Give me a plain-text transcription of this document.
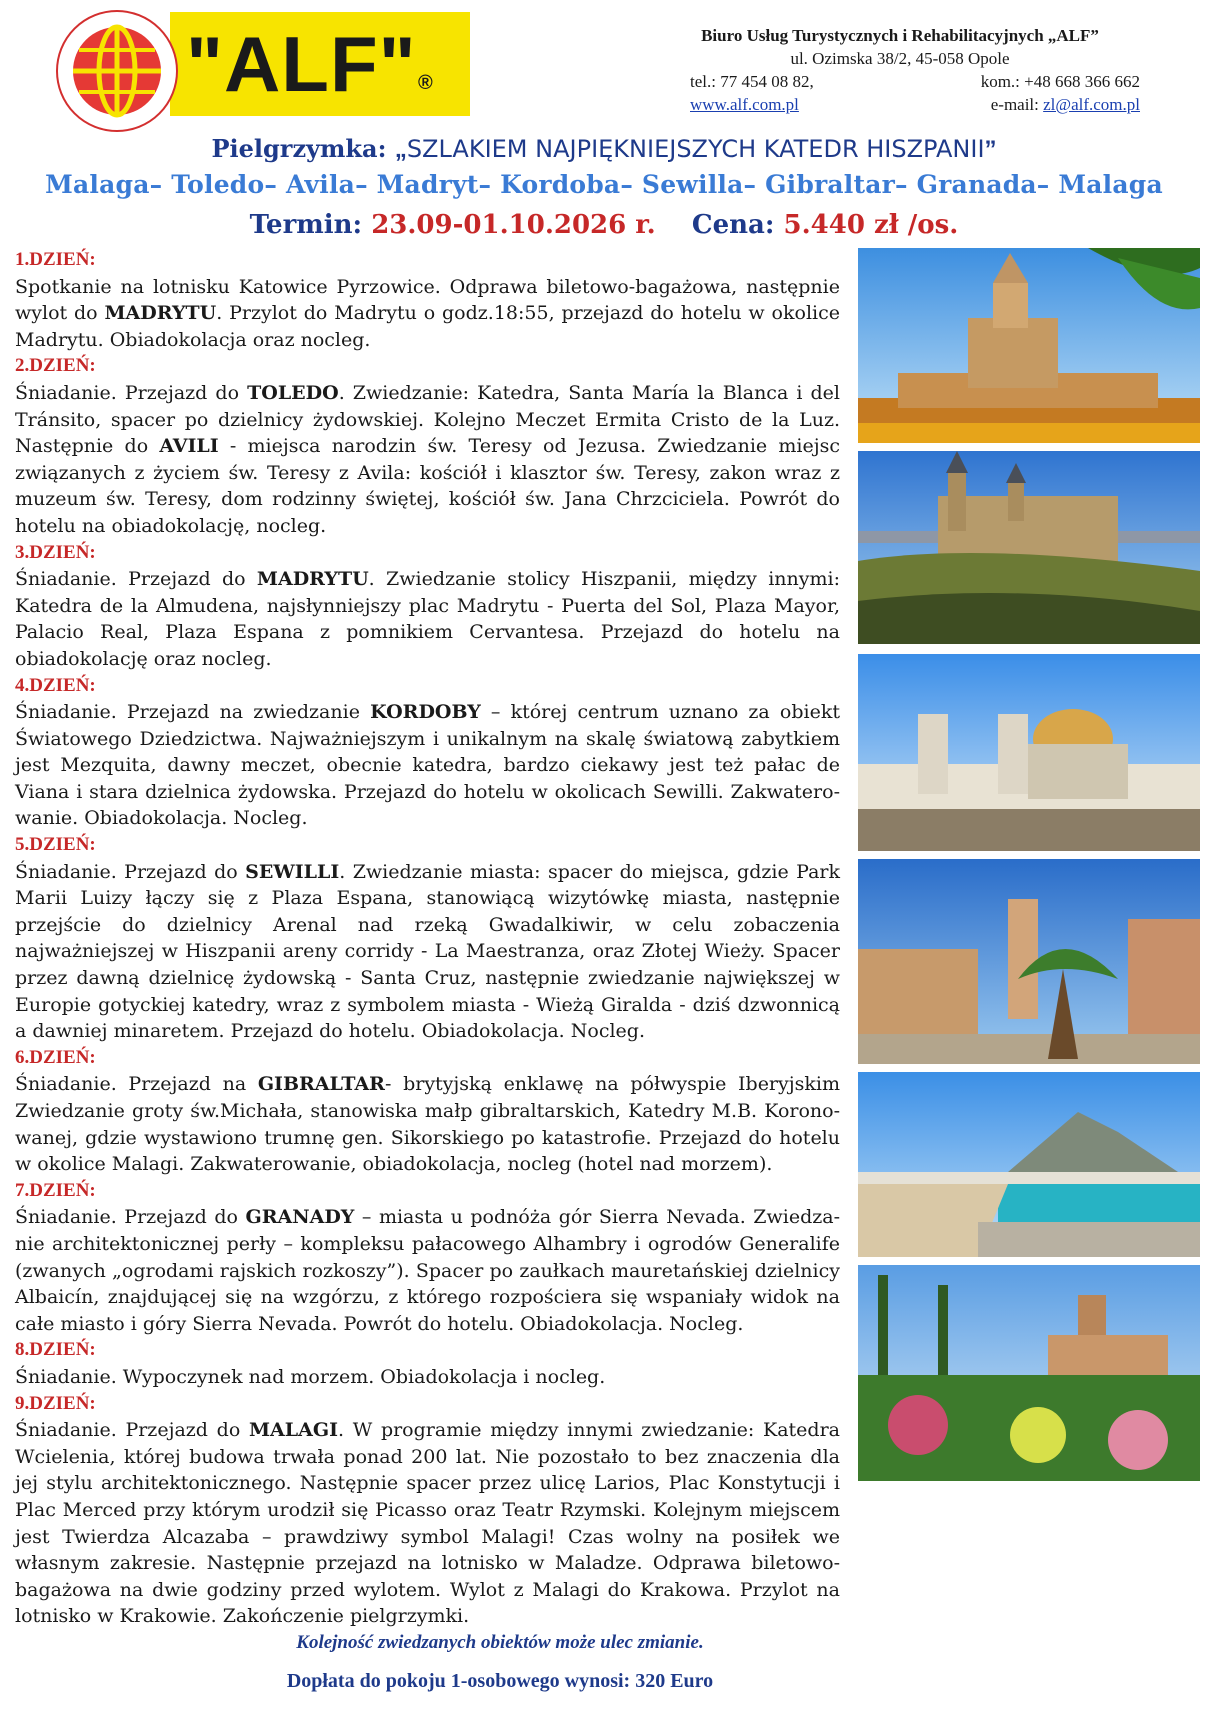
"ALF" ®
Biuro Usług Turystycznych i Rehabilitacyjnych „ALF”
ul. Ozimska 38/2, 45-058 Opole
tel.: 77 454 08 82,	kom.: +48 668 366 662
www.alf.com.pl	e-mail: zl@alf.com.pl
Pielgrzymka: „SZLAKIEM NAJPIĘKNIEJSZYCH KATEDR HISZPANII”
Malaga– Toledo– Avila– Madryt– Kordoba– Sewilla– Gibraltar– Granada– Malaga
Termin: 23.09-01.10.2026 r. Cena: 5.440 zł /os.
1.DZIEŃ:

Spotkanie na lotnisku Katowice Pyrzowice. Odprawa biletowo-bagażowa, następnie wylot do MADRYTU. Przylot do Madrytu o godz.18:55, przejazd do hotelu w okolice Madrytu. Obiadokolacja oraz nocleg.

2.DZIEŃ:

Śniadanie. Przejazd do TOLEDO. Zwiedzanie: Katedra, Santa María la Blanca i del Tránsito, spacer po dzielnicy żydowskiej. Kolejno Meczet Ermita Cristo de la Luz. Następnie do AVILI - miejsca narodzin św. Teresy od Jezusa. Zwiedzanie miejsc związanych z życiem św. Teresy z Avila: kościół i klasztor św. Teresy, zakon wraz z muzeum św. Teresy, dom rodzinny świętej, kościół św. Jana Chrzciciela. Powrót do hotelu na obiadokolację, nocleg.

3.DZIEŃ:

Śniadanie. Przejazd do MADRYTU. Zwiedzanie stolicy Hiszpanii, między innymi: Katedra de la Almudena, najsłynniejszy plac Madrytu - Puerta del Sol, Plaza Mayor, Palacio Real, Plaza Espana z pomnikiem Cervantesa. Przejazd do hotelu na obiadokolację oraz nocleg.

4.DZIEŃ:

Śniadanie. Przejazd na zwiedzanie KORDOBY – której centrum uznano za obiekt Światowego Dziedzictwa. Najważniejszym i unikalnym na skalę światową zabytkiem jest Mezquita, dawny meczet, obecnie katedra, bardzo ciekawy jest też pałac de Viana i stara dzielnica żydowska. Przejazd do hotelu w okolicach Sewilli. Zakwatero-wanie. Obiadokolacja. Nocleg.

5.DZIEŃ:

Śniadanie. Przejazd do SEWILLI. Zwiedzanie miasta: spacer do miejsca, gdzie Park Marii Luizy łączy się z Plaza Espana, stanowiącą wizytówkę miasta, następnie przejście do dzielnicy Arenal nad rzeką Gwadalkiwir, w celu zobaczenia najważniejszej w Hiszpanii areny corridy - La Maestranza, oraz Złotej Wieży. Spacer przez dawną dzielnicę żydowską - Santa Cruz, następnie zwiedzanie największej w Europie gotyckiej katedry, wraz z symbolem miasta - Wieżą Giralda - dziś dzwonnicą a dawniej minaretem. Przejazd do hotelu. Obiadokolacja. Nocleg.

6.DZIEŃ:

Śniadanie. Przejazd na GIBRALTAR- brytyjską enklawę na półwyspie Iberyjskim Zwiedzanie groty św.Michała, stanowiska małp gibraltarskich, Katedry M.B. Korono-wanej, gdzie wystawiono trumnę gen. Sikorskiego po katastrofie. Przejazd do hotelu w okolice Malagi. Zakwaterowanie, obiadokolacja, nocleg (hotel nad morzem).

7.DZIEŃ:

Śniadanie. Przejazd do GRANADY – miasta u podnóża gór Sierra Nevada. Zwiedza-nie architektonicznej perły – kompleksu pałacowego Alhambry i ogrodów Generalife (zwanych „ogrodami rajskich rozkoszy”). Spacer po zaułkach mauretańskiej dzielnicy Albaicín, znajdującej się na wzgórzu, z którego rozpościera się wspaniały widok na całe miasto i góry Sierra Nevada. Powrót do hotelu. Obiadokolacja. Nocleg.

8.DZIEŃ:

Śniadanie. Wypoczynek nad morzem. Obiadokolacja i nocleg.

9.DZIEŃ:

Śniadanie. Przejazd do MALAGI. W programie między innymi zwiedzanie: Katedra Wcielenia, której budowa trwała ponad 200 lat. Nie pozostało to bez znaczenia dla jej stylu architektonicznego. Następnie spacer przez ulicę Larios, Plac Konstytucji i Plac Merced przy którym urodził się Picasso oraz Teatr Rzymski. Kolejnym miejscem jest Twierdza Alcazaba – prawdziwy symbol Malagi! Czas wolny na posiłek we własnym zakresie. Następnie przejazd na lotnisko w Maladze. Odprawa biletowo-bagażowa na dwie godziny przed wylotem. Wylot z Malagi do Krakowa. Przylot na lotnisko w Krakowie. Zakończenie pielgrzymki.

Kolejność zwiedzanych obiektów może ulec zmianie.
Dopłata do pokoju 1-osobowego wynosi: 320 Euro
